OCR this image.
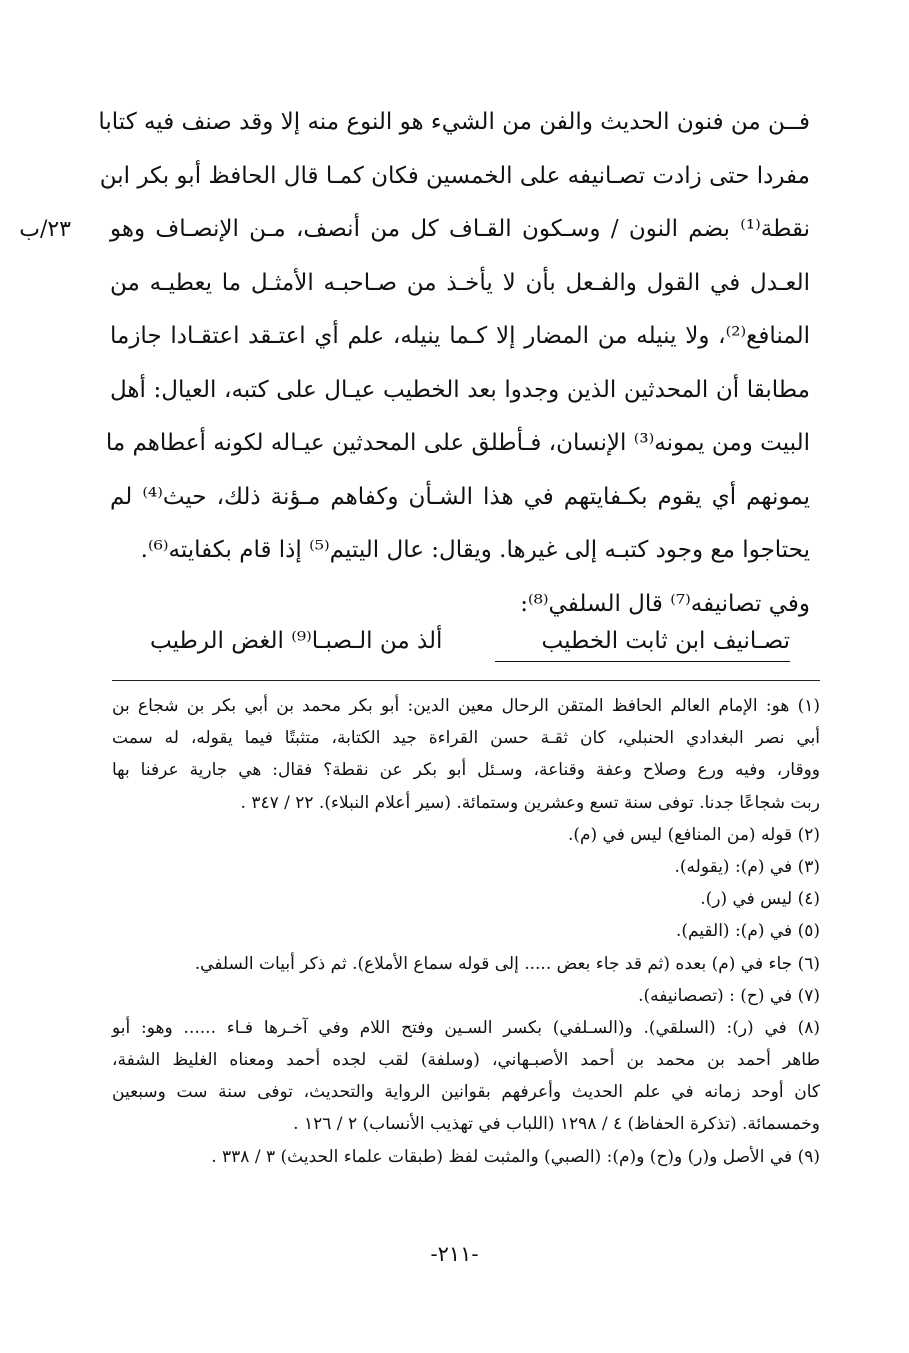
فــن من فنون الحديث والفن من الشيء هو النوع منه إلا وقد صنف فيه كتابا
مفردا حتى زادت تصـانيفه على الخمسين فكان كمـا قال الحافظ أبو بكر ابن
نقطة⁽¹⁾ بضم النون / وسـكون القـاف كل من أنصف، مـن الإنصـاف وهو
العـدل في القول والفـعل بأن لا يأخـذ من صـاحبـه الأمثـل ما يعطيـه من
المنافع⁽²⁾، ولا ينيله من المضار إلا كـما ينيله، علم أي اعتـقد اعتقـادا جازما
مطابقا أن المحدثين الذين وجدوا بعد الخطيب عيـال على كتبه، العيال: أهل
البيت ومن يمونه⁽³⁾ الإنسان، فـأطلق على المحدثين عيـاله لكونه أعطاهم ما
يمونهم أي يقوم بكـفايتهم في هذا الشـأن وكفاهم مـؤنة ذلك، حيث⁽⁴⁾ لم
يحتاجوا مع وجود كتبـه إلى غيرها. ويقال: عال اليتيم⁽⁵⁾ إذا قام بكفايته⁽⁶⁾.
وفي تصانيفه⁽⁷⁾ قال السلفي⁽⁸⁾:
٢٣/ب
تصـانيف ابن ثابت الخطيب
ألذ من الـصبـا⁽⁹⁾ الغض الرطيب
(١) هو: الإمام العالم الحافظ المتقن الرحال معين الدين: أبو بكر محمد بن أبي بكر بن شجاع بن
أبي نصر البغدادي الحنبلي، كان ثقـة حسن القراءة جيد الكتابة، متثبتًا فيما يقوله، له سمت
ووقار، وفيه ورع وصلاح وعفة وقناعة، وسـئل أبو بكر عن نقطة؟ فقال: هي جارية عرفنا بها
ربت شجاعًا جدنا. توفى سنة تسع وعشرين وستمائة. (سير أعلام النبلاء). ٢٢ / ٣٤٧ .
(٢) قوله (من المنافع) ليس في (م).
(٣) في (م): (يقوله).
(٤) ليس في (ر).
(٥) في (م): (القيم).
(٦) جاء في (م) بعده (ثم قد جاء بعض ..... إلى قوله سماع الأملاع). ثم ذكر أبيات السلفي.
(٧) في (ح) : (تصصانيفه).
(٨) في (ر): (السلقي). و(السـلفي) بكسر السـين وفتح اللام وفي آخـرها فـاء ...... وهو: أبو
طاهر أحمد بن محمد بن أحمد الأصبـهاني، (وسلفة) لقب لجده أحمد ومعناه الغليظ الشفة،
كان أوحد زمانه في علم الحديث وأعرفهم بقوانين الرواية والتحديث، توفى سنة ست وسبعين
وخمسمائة. (تذكرة الحفاظ) ٤ / ١٢٩٨ (اللباب في تهذيب الأنساب) ٢ / ١٢٦ .
(٩) في الأصل و(ر) و(ح) و(م): (الصبي) والمثبت لفظ (طبقات علماء الحديث) ٣ / ٣٣٨ .
-٢١١-
